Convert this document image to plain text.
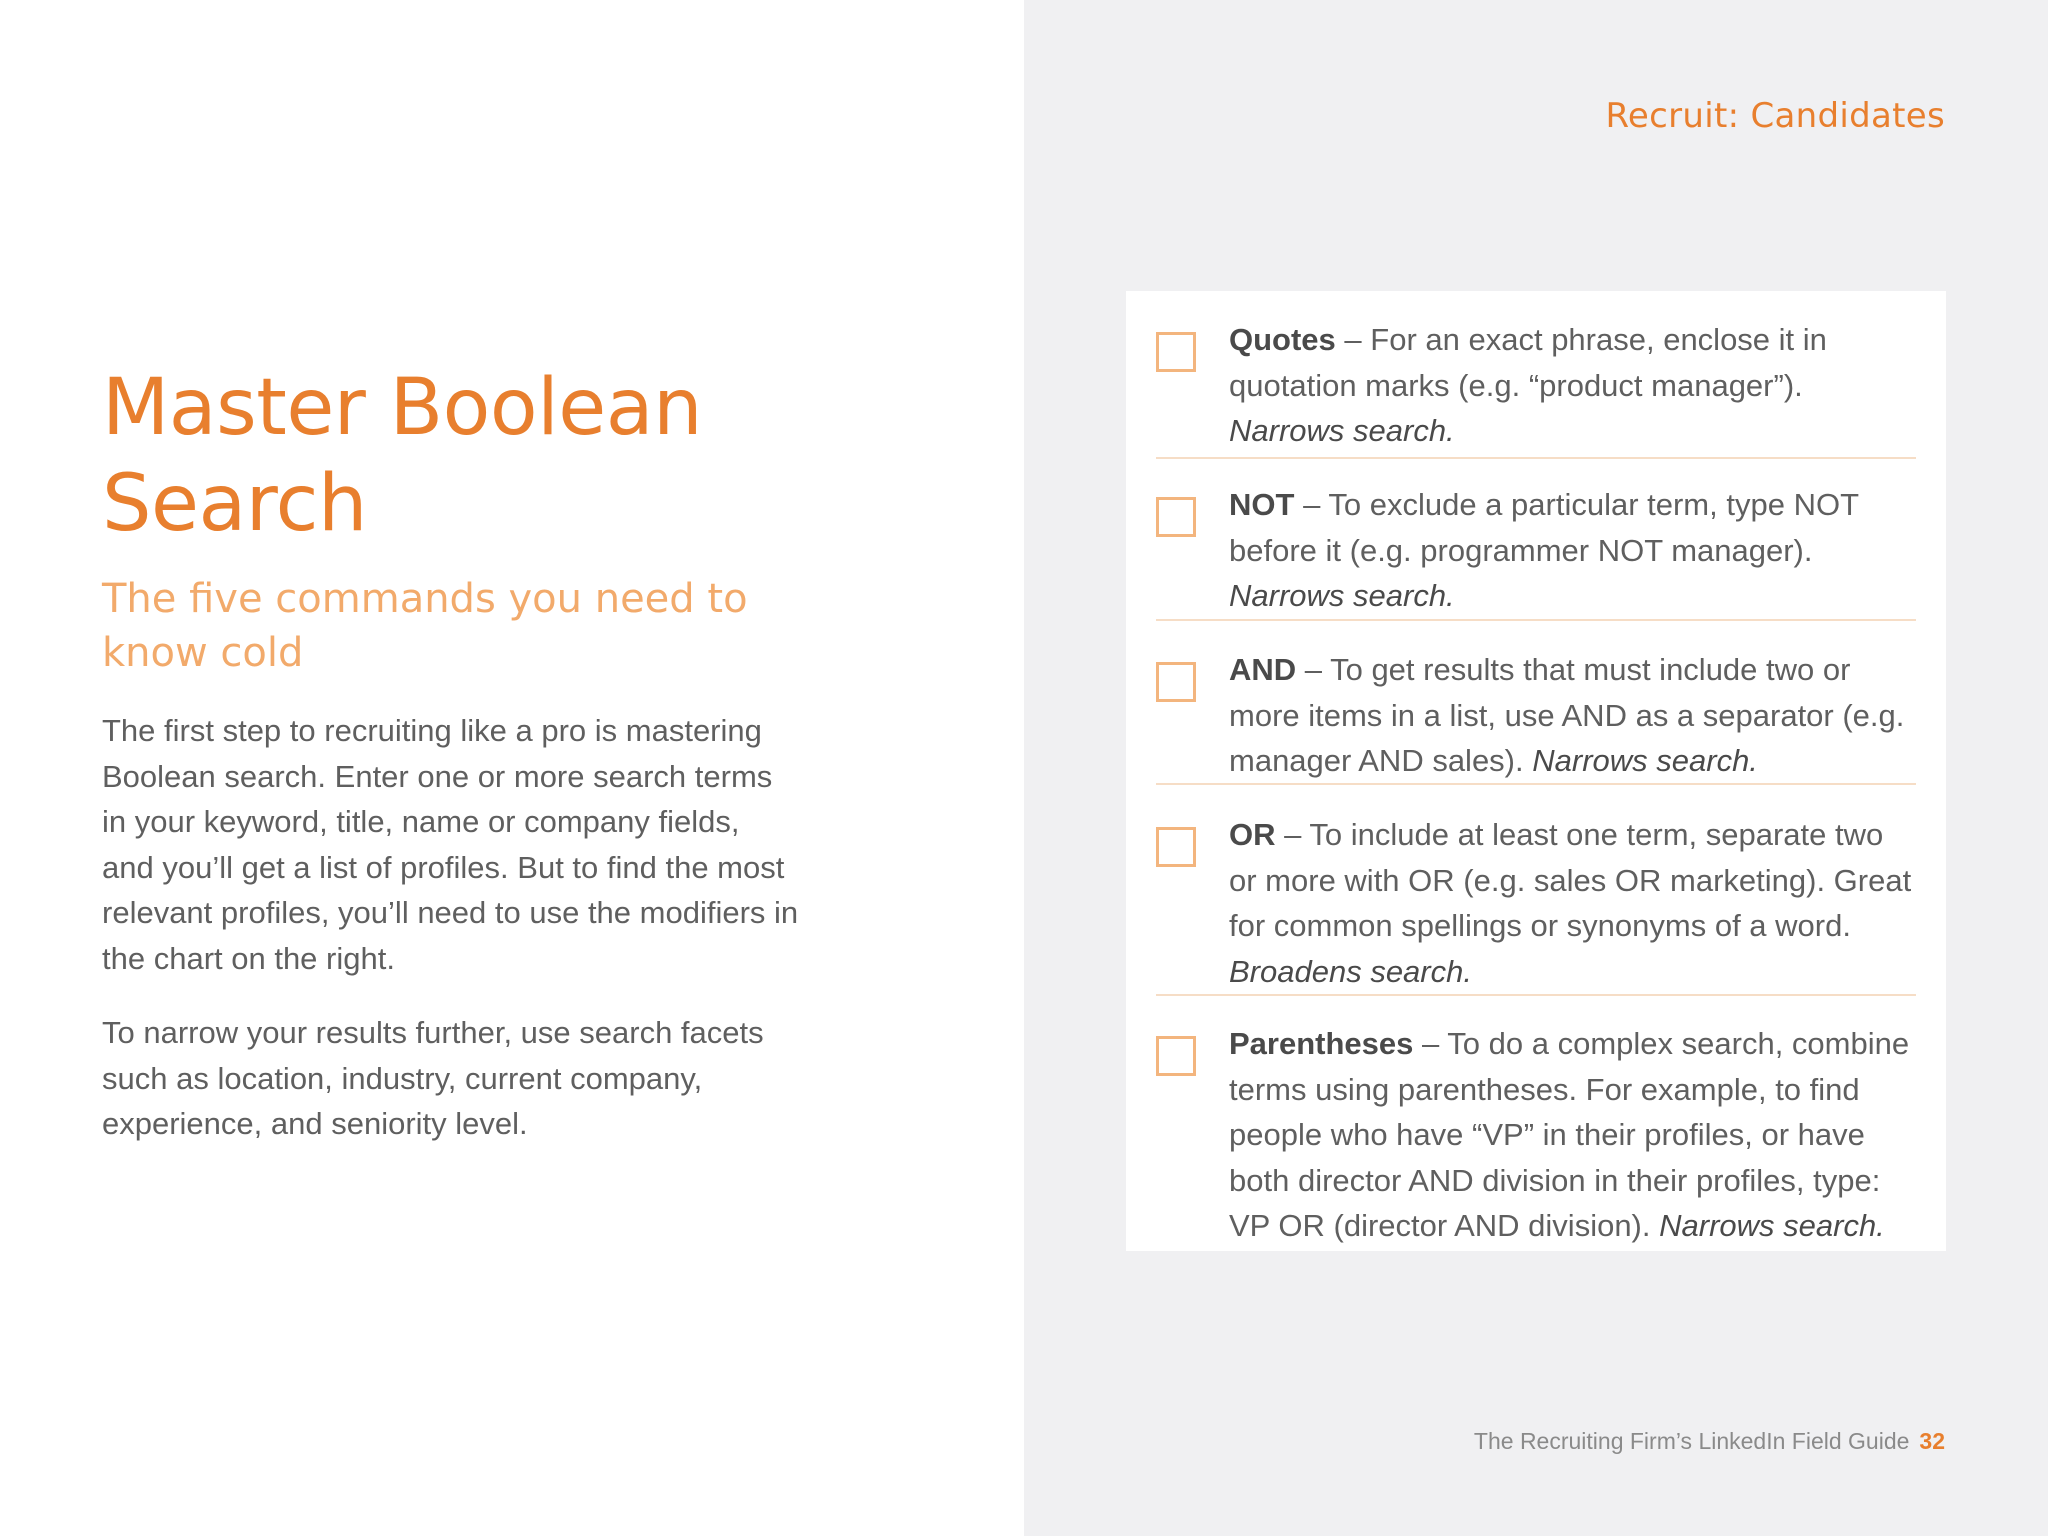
Master Boolean
Search
The five commands you need to
know cold

The first step to recruiting like a pro is mastering
Boolean search. Enter one or more search terms
in your keyword, title, name or company fields,
and you’ll get a list of profiles. But to find the most
relevant profiles, you’ll need to use the modifiers in
the chart on the right.

To narrow your results further, use search facets
such as location, industry, current company,
experience, and seniority level.

Recruit: Candidates
Quotes – For an exact phrase, enclose it in
quotation marks (e.g. “product manager”).
Narrows search.
NOT – To exclude a particular term, type NOT
before it (e.g. programmer NOT manager).
Narrows search.
AND – To get results that must include two or
more items in a list, use AND as a separator (e.g.
manager AND sales). Narrows search.
OR – To include at least one term, separate two
or more with OR (e.g. sales OR marketing). Great
for common spellings or synonyms of a word.
Broadens search.
Parentheses – To do a complex search, combine
terms using parentheses. For example, to find
people who have “VP” in their profiles, or have
both director AND division in their profiles, type:
VP OR (director AND division). Narrows search.
The Recruiting Firm’s LinkedIn Field Guide 32
